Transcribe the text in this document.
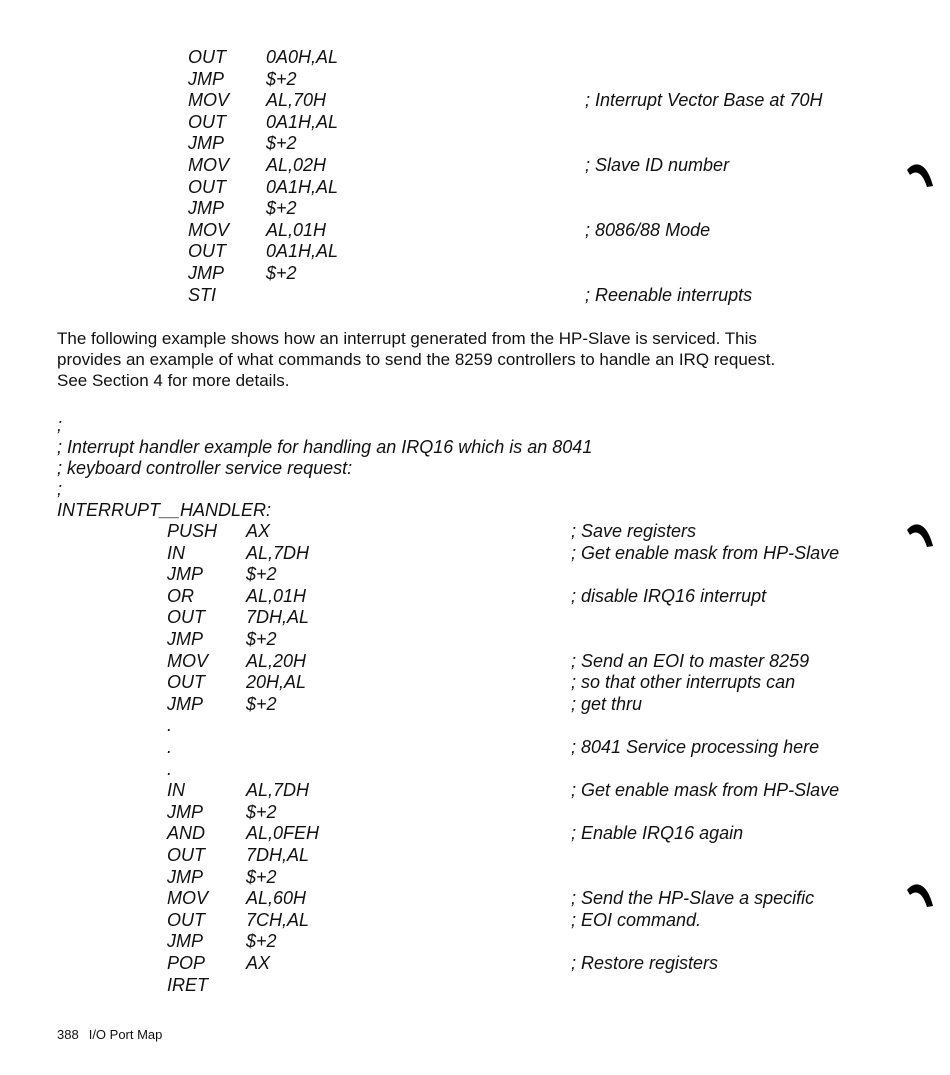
OUT 0A0H,AL
JMP $+2
MOV AL,70H	; Interrupt Vector Base at 70H
OUT 0A1H,AL
JMP $+2
MOV AL,02H	; Slave ID number
OUT 0A1H,AL
JMP $+2
MOV AL,01H	; 8086/88 Mode
OUT 0A1H,AL
JMP $+2
STI	; Reenable interrupts
The following example shows how an interrupt generated from the HP-Slave is serviced. This
provides an example of what commands to send the 8259 controllers to handle an IRQ request.
See Section 4 for more details.
;
; Interrupt handler example for handling an IRQ16 which is an 8041
; keyboard controller service request:
;
INTERRUPT__HANDLER:
PUSH AX	; Save registers
IN	AL,7DH	; Get enable mask from HP-Slave
JMP $+2
OR	AL,01H	; disable IRQ16 interrupt
OUT 7DH,AL
JMP $+2
MOV AL,20H	; Send an EOI to master 8259
OUT 20H,AL	; so that other interrupts can
JMP $+2	; get thru
.
.	; 8041 Service processing here
.
IN	AL,7DH	; Get enable mask from HP-Slave
JMP $+2
AND AL,0FEH	; Enable IRQ16 again
OUT 7DH,AL
JMP $+2
MOV AL,60H	; Send the HP-Slave a specific
OUT 7CH,AL	; EOI command.
JMP $+2
POP AX	; Restore registers
IRET
388 I/O Port Map
